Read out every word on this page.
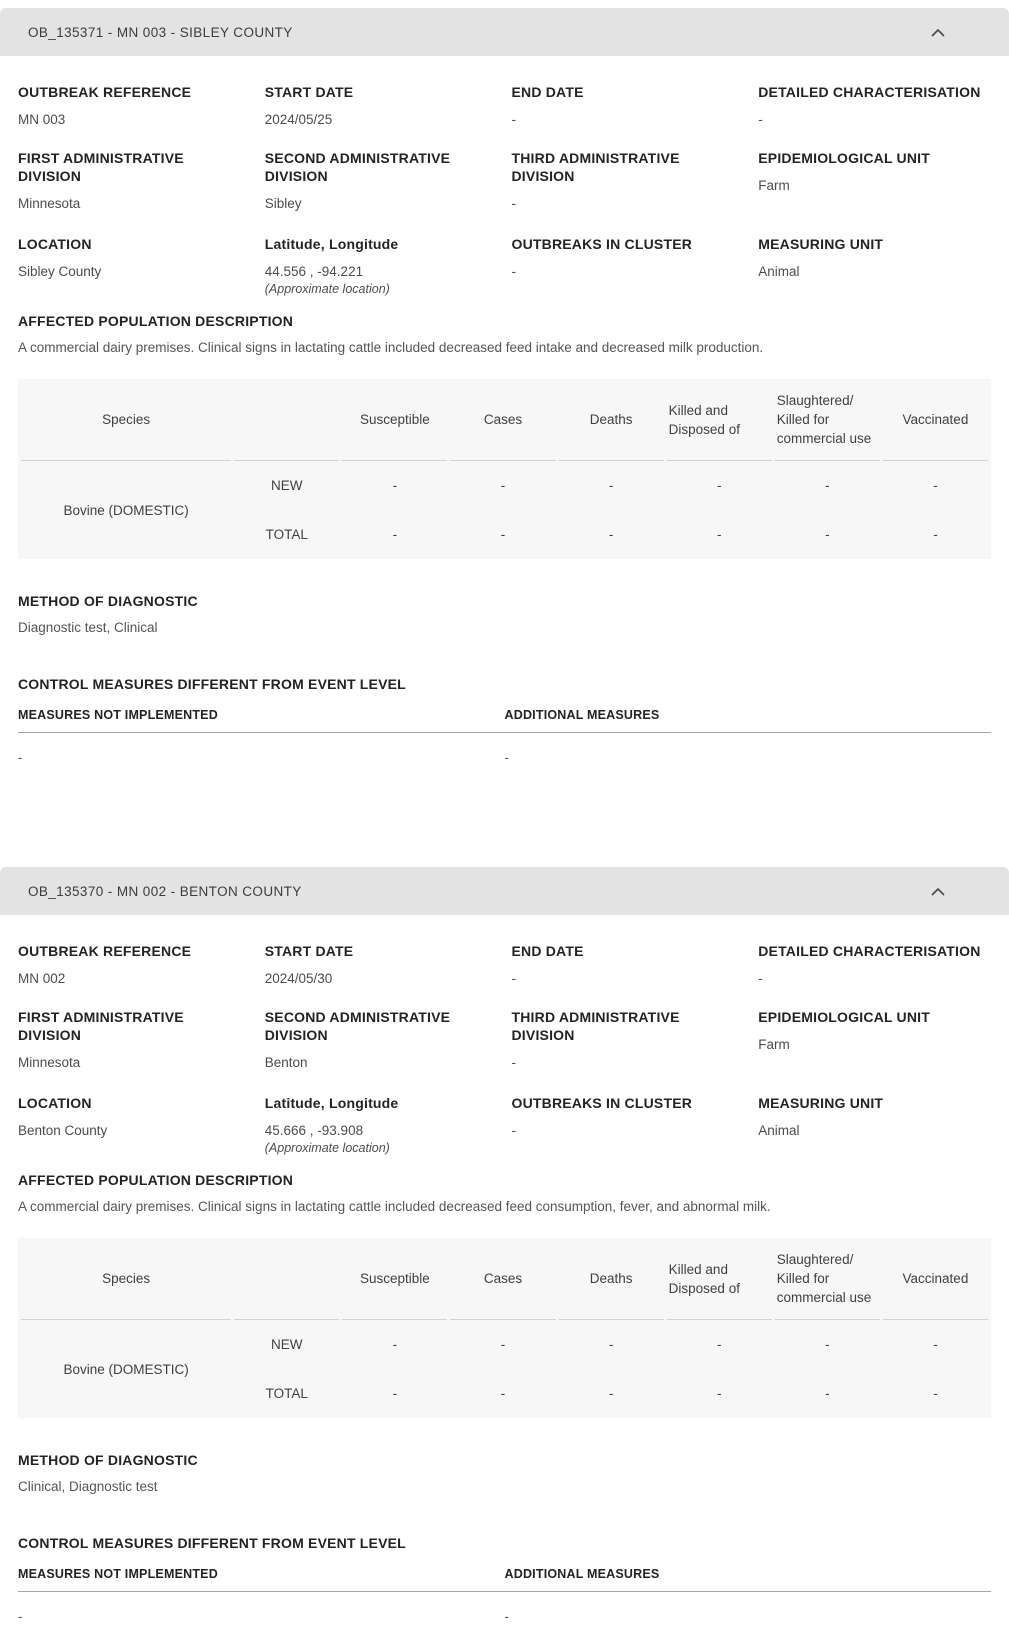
OB_135371 - MN 003 - SIBLEY COUNTY
OUTBREAK REFERENCE
MN 003
START DATE
2024/05/25
END DATE
-
DETAILED CHARACTERISATION
-
FIRST ADMINISTRATIVE DIVISION
Minnesota
SECOND ADMINISTRATIVE DIVISION
Sibley
THIRD ADMINISTRATIVE DIVISION
-
EPIDEMIOLOGICAL UNIT
Farm
LOCATION
Sibley County
Latitude, Longitude
44.556 , -94.221
(Approximate location)
OUTBREAKS IN CLUSTER
-
MEASURING UNIT
Animal
AFFECTED POPULATION DESCRIPTION
A commercial dairy premises. Clinical signs in lactating cattle included decreased feed intake and decreased milk production.
Species		Susceptible	Cases	Deaths	Killed and Disposed of	Slaughtered/ Killed for commercial use	Vaccinated
Bovine (DOMESTIC)	NEW	-	-	-	-	-	-
	TOTAL	-	-	-	-	-	-
METHOD OF DIAGNOSTIC
Diagnostic test, Clinical
CONTROL MEASURES DIFFERENT FROM EVENT LEVEL
MEASURES NOT IMPLEMENTED
-
ADDITIONAL MEASURES
-
OB_135370 - MN 002 - BENTON COUNTY
OUTBREAK REFERENCE
MN 002
START DATE
2024/05/30
END DATE
-
DETAILED CHARACTERISATION
-
FIRST ADMINISTRATIVE DIVISION
Minnesota
SECOND ADMINISTRATIVE DIVISION
Benton
THIRD ADMINISTRATIVE DIVISION
-
EPIDEMIOLOGICAL UNIT
Farm
LOCATION
Benton County
Latitude, Longitude
45.666 , -93.908
(Approximate location)
OUTBREAKS IN CLUSTER
-
MEASURING UNIT
Animal
AFFECTED POPULATION DESCRIPTION
A commercial dairy premises. Clinical signs in lactating cattle included decreased feed consumption, fever, and abnormal milk.
Species		Susceptible	Cases	Deaths	Killed and Disposed of	Slaughtered/ Killed for commercial use	Vaccinated
Bovine (DOMESTIC)	NEW	-	-	-	-	-	-
	TOTAL	-	-	-	-	-	-
METHOD OF DIAGNOSTIC
Clinical, Diagnostic test
CONTROL MEASURES DIFFERENT FROM EVENT LEVEL
MEASURES NOT IMPLEMENTED
-
ADDITIONAL MEASURES
-
